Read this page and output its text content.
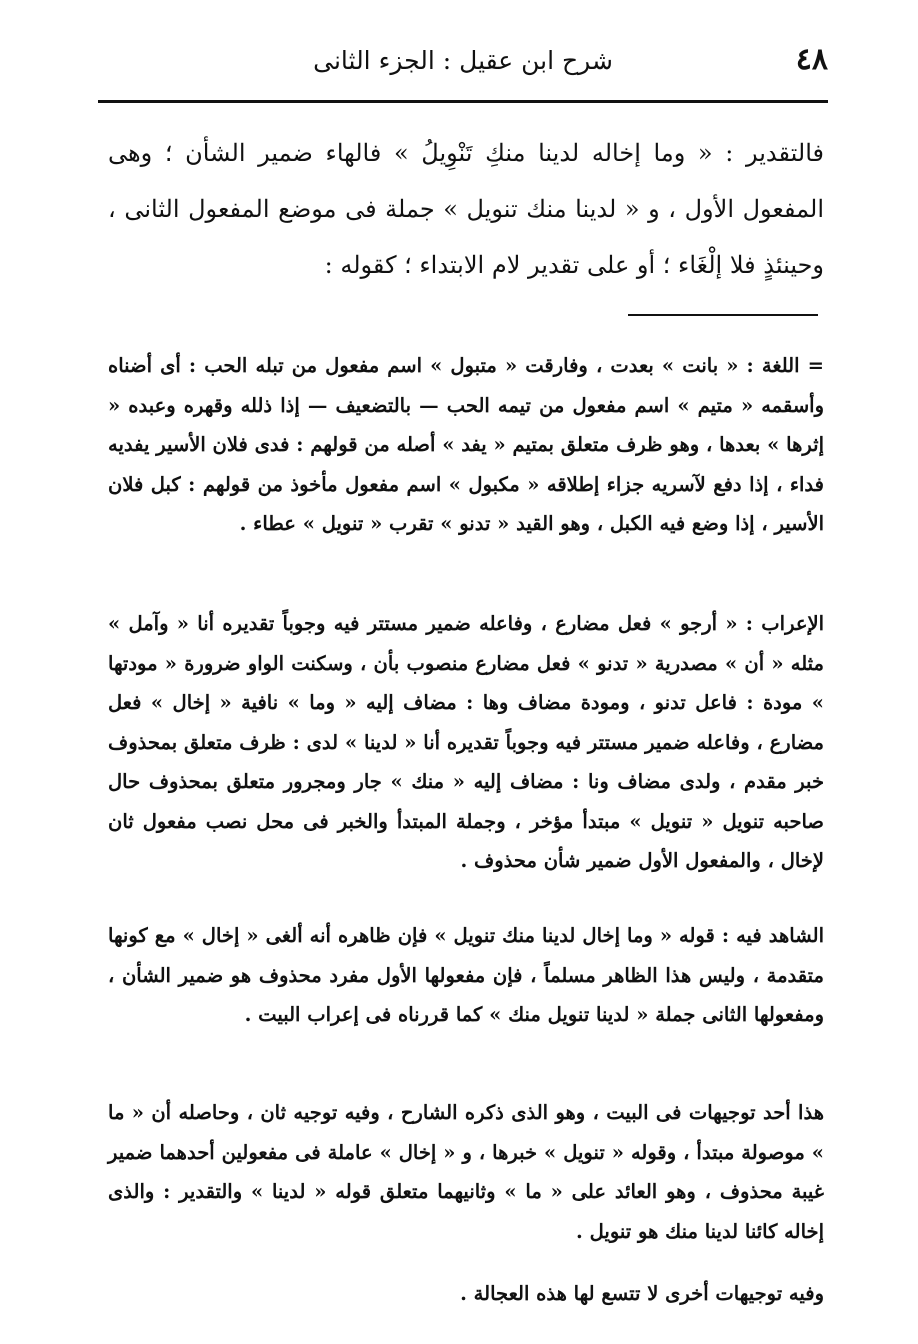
٤٨
شرح ابن عقيل : الجزء الثانى

فالتقدير : « وما إخاله لدينا منكِ تَنْوِيلُ » فالهاء ضمير الشأن ؛ وهى المفعول الأول ، و « لدينا منك تنويل » جملة فى موضع المفعول الثانى ، وحينئذٍ فلا إلْغَاء ؛ أو على تقدير لام الابتداء ؛ كقوله :

= اللغة : « بانت » بعدت ، وفارقت « متبول » اسم مفعول من تبله الحب : أى أضناه وأسقمه « متيم » اسم مفعول من تيمه الحب — بالتضعيف — إذا ذلله وقهره وعبده « إثرها » بعدها ، وهو ظرف متعلق بمتيم « يفد » أصله من قولهم : فدى فلان الأسير يفديه فداء ، إذا دفع لآسريه جزاء إطلاقه « مكبول » اسم مفعول مأخوذ من قولهم : كبل فلان الأسير ، إذا وضع فيه الكبل ، وهو القيد « تدنو » تقرب « تنويل » عطاء .

الإعراب : « أرجو » فعل مضارع ، وفاعله ضمير مستتر فيه وجوباً تقديره أنا « وآمل » مثله « أن » مصدرية « تدنو » فعل مضارع منصوب بأن ، وسكنت الواو ضرورة « مودتها » مودة : فاعل تدنو ، ومودة مضاف وها : مضاف إليه « وما » نافية « إخال » فعل مضارع ، وفاعله ضمير مستتر فيه وجوباً تقديره أنا « لدينا » لدى : ظرف متعلق بمحذوف خبر مقدم ، ولدى مضاف ونا : مضاف إليه « منك » جار ومجرور متعلق بمحذوف حال صاحبه تنويل « تنويل » مبتدأ مؤخر ، وجملة المبتدأ والخبر فى محل نصب مفعول ثان لإخال ، والمفعول الأول ضمير شأن محذوف .

الشاهد فيه : قوله « وما إخال لدينا منك تنويل » فإن ظاهره أنه ألغى « إخال » مع كونها متقدمة ، وليس هذا الظاهر مسلماً ، فإن مفعولها الأول مفرد محذوف هو ضمير الشأن ، ومفعولها الثانى جملة « لدينا تنويل منك » كما قررناه فى إعراب البيت .

هذا أحد توجيهات فى البيت ، وهو الذى ذكره الشارح ، وفيه توجيه ثان ، وحاصله أن « ما » موصولة مبتدأ ، وقوله « تنويل » خبرها ، و « إخال » عاملة فى مفعولين أحدهما ضمير غيبة محذوف ، وهو العائد على « ما » وثانيهما متعلق قوله « لدينا » والتقدير : والذى إخاله كائنا لدينا منك هو تنويل .

وفيه توجيهات أخرى لا تتسع لها هذه العجالة .
